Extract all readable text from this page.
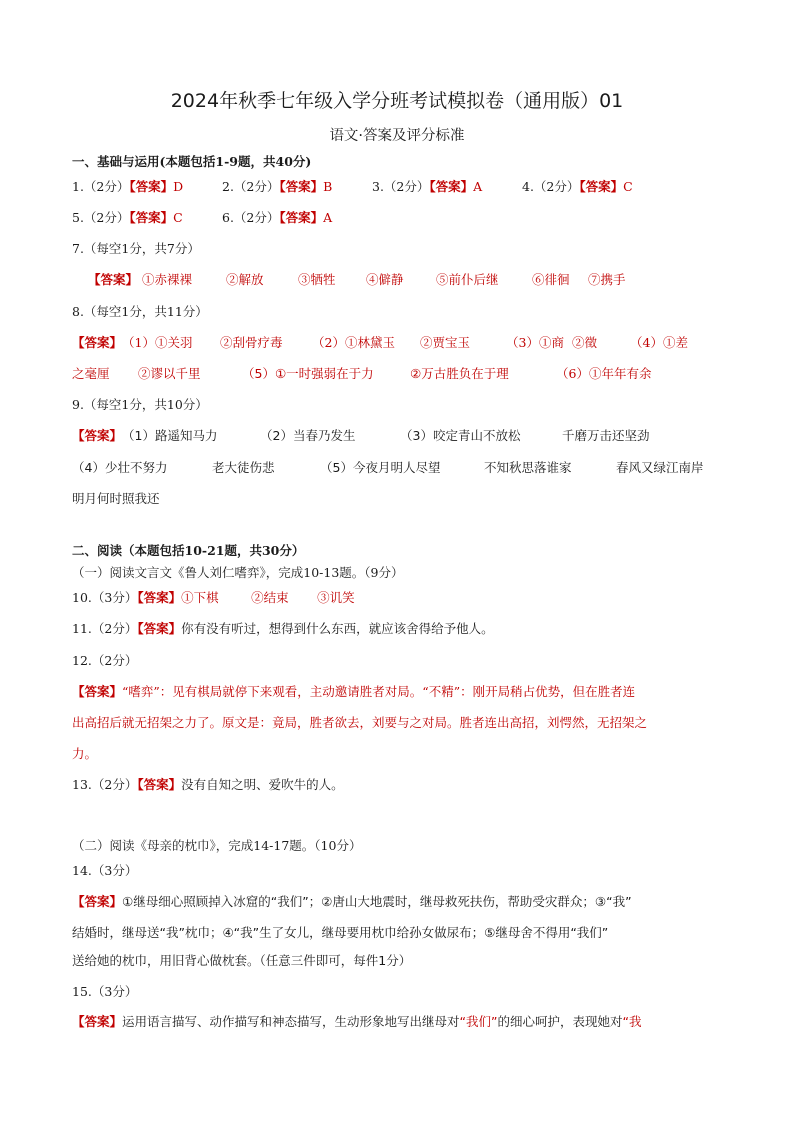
2024年秋季七年级入学分班考试模拟卷（通用版）01
语文·答案及评分标准
一、基础与运用(本题包括1-9题，共40分)
1.（2分）【答案】D	2.（2分）【答案】B	3.（2分）【答案】A	4.（2分）【答案】C
5.（2分）【答案】C	6.（2分）【答案】A
7.（每空1分，共7分）
【答案】 ①赤裸裸	②解放	③牺牲 ④僻静	⑤前仆后继	⑥徘徊 ⑦携手
8.（每空1分，共11分）
【答案】（1）①关羽 ②刮骨疗毒 （2）①林黛玉 ②贾宝玉	（3）①商 ②徵	（4）①差
之毫厘 ②谬以千里	（5）①一时强弱在于力	②万古胜负在于理	（6）①年年有余
9.（每空1分，共10分）
【答案】（1）路遥知马力	（2）当春乃发生	（3）咬定青山不放松	千磨万击还坚劲
（4）少壮不努力	老大徒伤悲	（5）今夜月明人尽望	不知秋思落谁家	春风又绿江南岸
明月何时照我还
二、阅读（本题包括10-21题，共30分）
（一）阅读文言文《鲁人刘仁嗜弈》，完成10-13题。（9分）
10.（3分）【答案】①下棋	②结束 ③讥笑
11.（2分）【答案】你有没有听过，想得到什么东西，就应该舍得给予他人。
12.（2分）
【答案】“嗜弈”：见有棋局就停下来观看，主动邀请胜者对局。“不精”：刚开局稍占优势，但在胜者连
出高招后就无招架之力了。原文是：竟局，胜者欲去，刘要与之对局。胜者连出高招，刘愕然，无招架之
力。
13.（2分）【答案】没有自知之明、爱吹牛的人。
（二）阅读《母亲的枕巾》，完成14-17题。（10分）
14.（3分）
【答案】①继母细心照顾掉入冰窟的“我们”；②唐山大地震时，继母救死扶伤，帮助受灾群众；③“我”
结婚时，继母送“我”枕巾；④“我”生了女儿，继母要用枕巾给孙女做尿布；⑤继母舍不得用“我们”
送给她的枕巾，用旧背心做枕套。（任意三件即可，每件1分）
15.（3分）
【答案】运用语言描写、动作描写和神态描写，生动形象地写出继母对“我们”的细心呵护，表现她对“我
